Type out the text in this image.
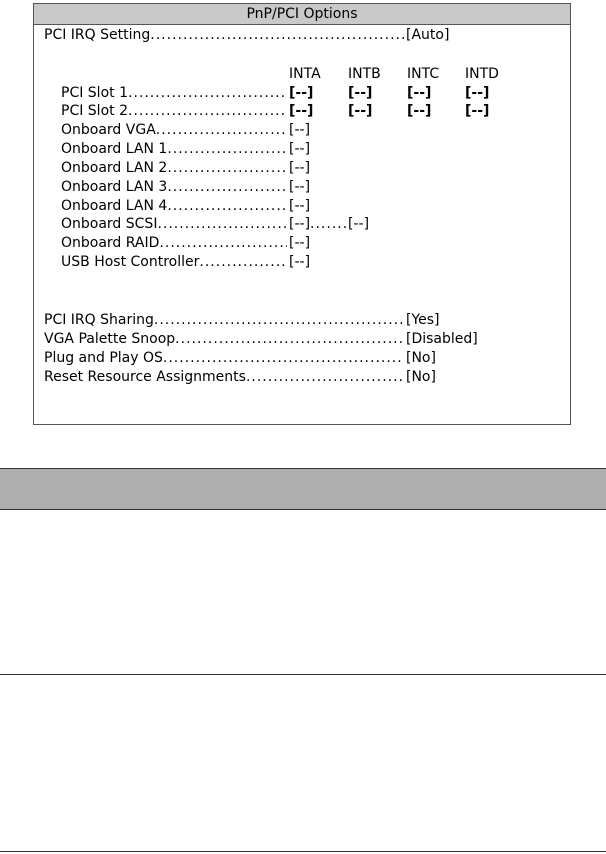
PnP/PCI Options
PCI IRQ Setting .....	[Auto]
INTA INTB INTC INTD
PCI Slot 1 .....	[--] [--] [--] [--]
PCI Slot 2 .....	[--] [--] [--] [--]
Onboard VGA .....	[--]
Onboard LAN 1 .....	[--]
Onboard LAN 2 .....	[--]
Onboard LAN 3 .....	[--]
Onboard LAN 4 .....	[--]
Onboard SCSI .....	[--] .....	[--]
Onboard RAID .....	[--]
USB Host Controller .....	[--]
PCI IRQ Sharing .....	[Yes]
VGA Palette Snoop .....	[Disabled]
Plug and Play OS .....	[No]
Reset Resource Assignments .....	[No]
